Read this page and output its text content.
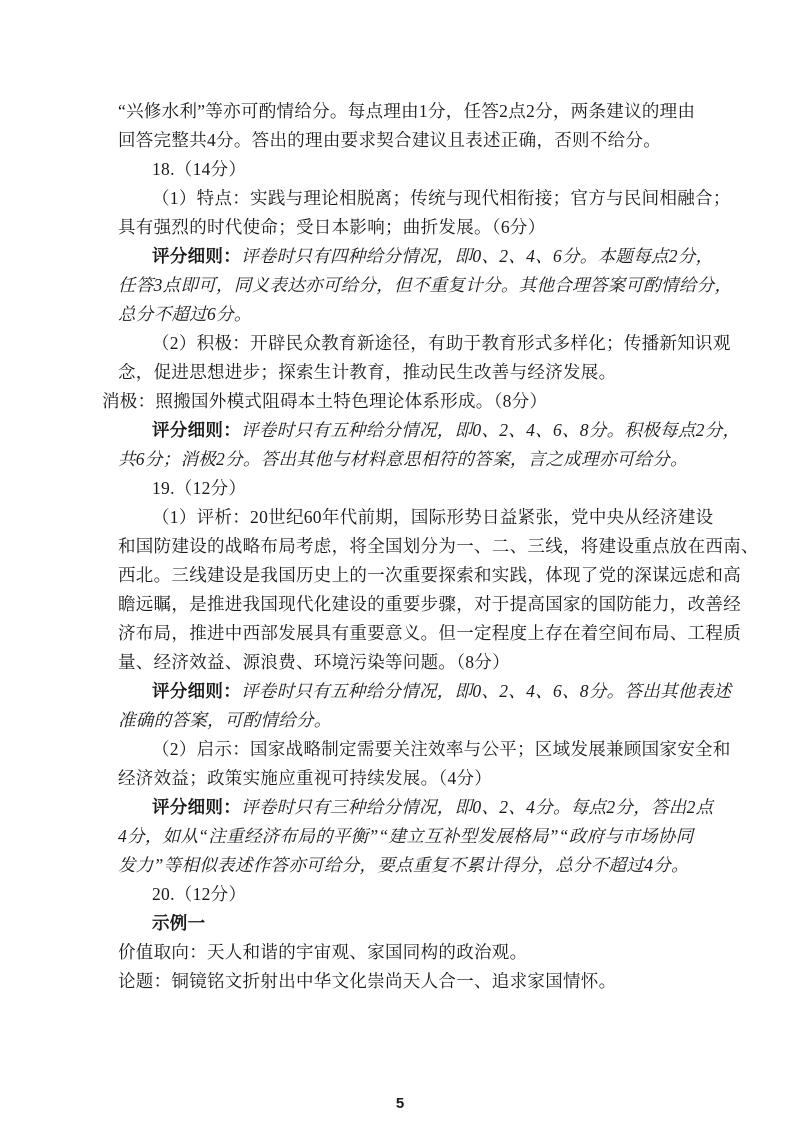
“兴修水利”等亦可酌情给分。每点理由1分，任答2点2分，两条建议的理由
回答完整共4分。答出的理由要求契合建议且表述正确，否则不给分。
18.（14分）
（1）特点：实践与理论相脱离；传统与现代相衔接；官方与民间相融合；
具有强烈的时代使命；受日本影响；曲折发展。（6分）
评分细则：评卷时只有四种给分情况，即0、2、4、6分。本题每点2分，
任答3点即可，同义表达亦可给分，但不重复计分。其他合理答案可酌情给分，
总分不超过6分。
（2）积极：开辟民众教育新途径，有助于教育形式多样化；传播新知识观
念，促进思想进步；探索生计教育，推动民生改善与经济发展。
消极：照搬国外模式阻碍本土特色理论体系形成。（8分）
评分细则：评卷时只有五种给分情况，即0、2、4、6、8分。积极每点2分，
共6分；消极2分。答出其他与材料意思相符的答案，言之成理亦可给分。
19.（12分）
（1）评析：20世纪60年代前期，国际形势日益紧张，党中央从经济建设
和国防建设的战略布局考虑，将全国划分为一、二、三线，将建设重点放在西南、
西北。三线建设是我国历史上的一次重要探索和实践，体现了党的深谋远虑和高
瞻远瞩，是推进我国现代化建设的重要步骤，对于提高国家的国防能力，改善经
济布局，推进中西部发展具有重要意义。但一定程度上存在着空间布局、工程质
量、经济效益、源浪费、环境污染等问题。（8分）
评分细则：评卷时只有五种给分情况，即0、2、4、6、8分。答出其他表述
准确的答案，可酌情给分。
（2）启示：国家战略制定需要关注效率与公平；区域发展兼顾国家安全和
经济效益；政策实施应重视可持续发展。（4分）
评分细则：评卷时只有三种给分情况，即0、2、4分。每点2分，答出2点
4分，如从“注重经济布局的平衡”“建立互补型发展格局”“政府与市场协同
发力”等相似表述作答亦可给分，要点重复不累计得分，总分不超过4分。
20.（12分）
示例一
价值取向：天人和谐的宇宙观、家国同构的政治观。
论题：铜镜铭文折射出中华文化崇尚天人合一、追求家国情怀。
5
